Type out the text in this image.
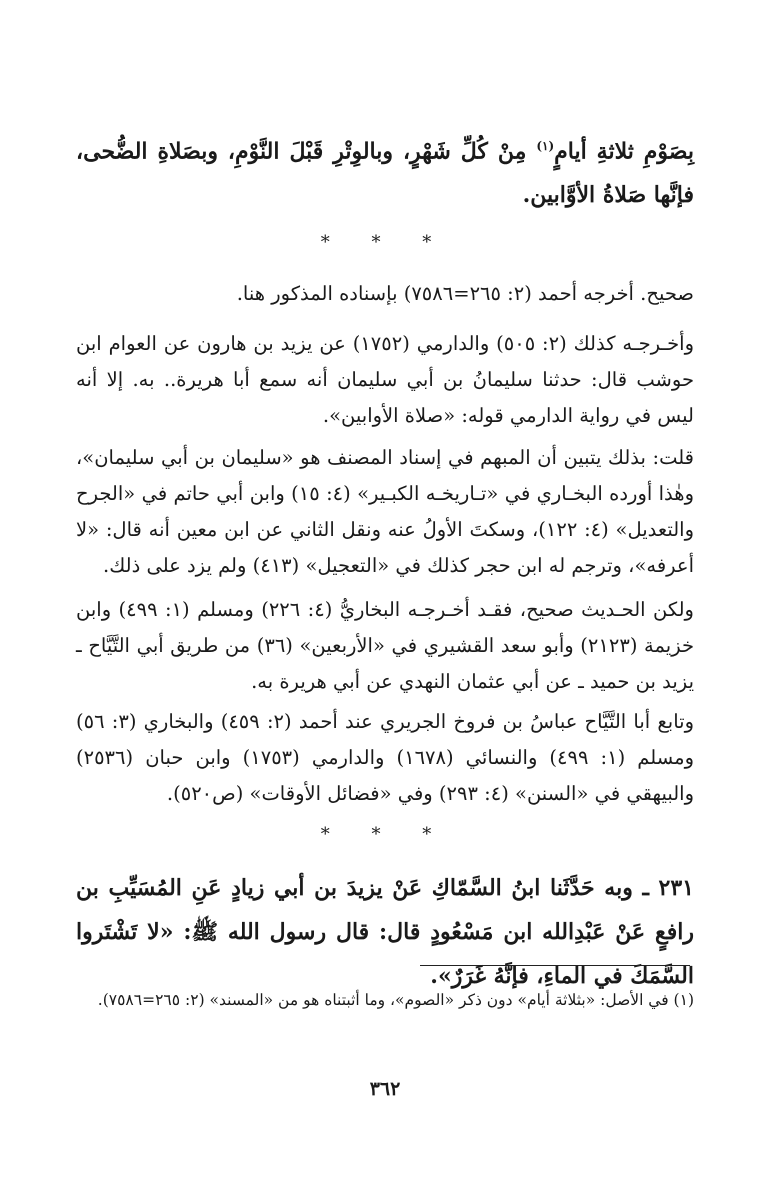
بِصَوْمِ ثلاثةِ أيامٍ$^{(١)}$ مِنْ كُلِّ شَهْرٍ، وبالوِتْرِ قَبْلَ النَّوْمِ، وبصَلاةِ الضُّحى، فإنَّها صَلاةُ الأوَّابين.
* * *
صحيح. أخرجه أحمد (٢: ٢٦٥=٧٥٨٦) بإسناده المذكور هنا.
وأخـرجـه كذلك (٢: ٥٠٥) والدارمي (١٧٥٢) عن يزيد بن هارون عن العوام ابن حوشب قال: حدثنا سليمانُ بن أبي سليمان أنه سمع أبا هريرة.. به. إلا أنه ليس في رواية الدارمي قوله: «صلاة الأوابين».
قلت: بذلك يتبين أن المبهم في إسناد المصنف هو «سليمان بن أبي سليمان»، وهٰذا أورده البخـاري في «تـاريخـه الكبـير» (٤: ١٥) وابن أبي حاتم في «الجرح والتعديل» (٤: ١٢٢)، وسكتَ الأولُ عنه ونقل الثاني عن ابن معين أنه قال: «لا أعرفه»، وترجم له ابن حجر كذلك في «التعجيل» (٤١٣) ولم يزد على ذلك.
ولكن الحـديث صحيح، فقـد أخـرجـه البخاريُّ (٤: ٢٢٦) ومسلم (١: ٤٩٩) وابن خزيمة (٢١٢٣) وأبو سعد القشيري في «الأربعين» (٣٦) من طريق أبي التَّيَّاح ـ يزيد بن حميد ـ عن أبي عثمان النهدي عن أبي هريرة به.
وتابع أبا التَّيَّاح عباسُ بن فروخ الجريري عند أحمد (٢: ٤٥٩) والبخاري (٣: ٥٦) ومسلم (١: ٤٩٩) والنسائي (١٦٧٨) والدارمي (١٧٥٣) وابن حبان (٢٥٣٦) والبيهقي في «السنن» (٤: ٢٩٣) وفي «فضائل الأوقات» (ص٥٢٠).
* * *
٢٣١ ـ وبه حَدَّثَنا ابنُ السَّمّاكِ عَنْ يزيدَ بن أبي زيادٍ عَنِ المُسَيِّبِ بن رافعٍ عَنْ عَبْدِالله ابن مَسْعُودٍ قال: قال رسول الله ﷺ: «لا تَشْتَروا السَّمَكَ في الماءِ، فإنَّهُ غَرَرٌ».
(١) في الأصل: «بثلاثة أيام» دون ذكر «الصوم»، وما أثبتناه هو من «المسند» (٢: ٢٦٥=٧٥٨٦).
٣٦٢
